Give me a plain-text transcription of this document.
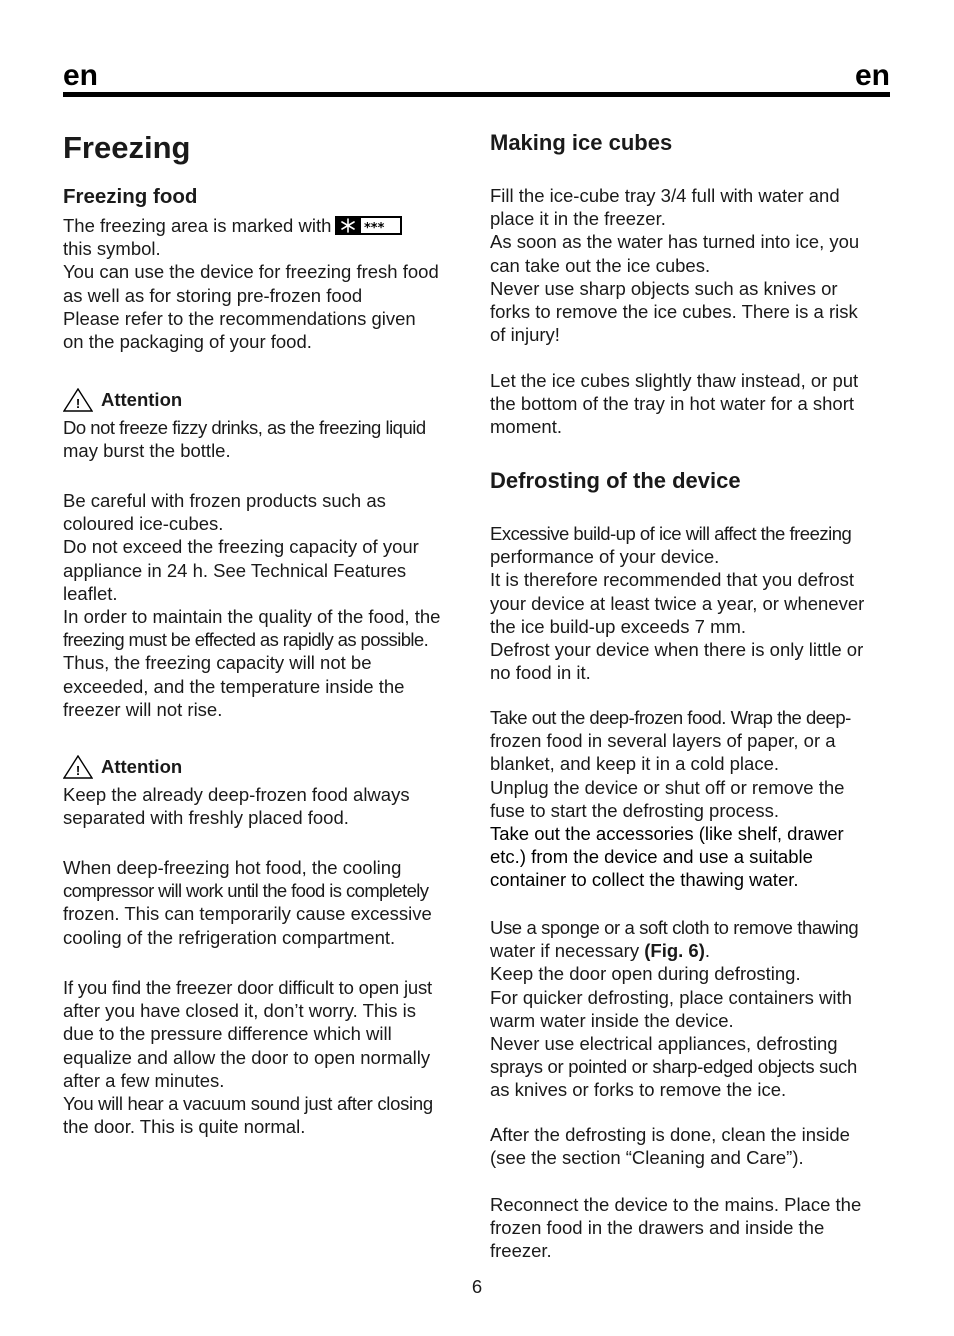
en	en
Freezing
Freezing food
The freezing area is marked with	***
this symbol.
You can use the device for freezing fresh food
as well as for storing pre-frozen food
Please refer to the recommendations given
on the packaging of your food.
! Attention
Do not freeze fizzy drinks, as the freezing liquid
may burst the bottle.
Be careful with frozen products such as
coloured ice-cubes.
Do not exceed the freezing capacity of your
appliance in 24 h. See Technical Features
leaflet.
In order to maintain the quality of the food, the
freezing must be effected as rapidly as possible.
Thus, the freezing capacity will not be
exceeded, and the temperature inside the
freezer will not rise.
! Attention
Keep the already deep-frozen food always
separated with freshly placed food.
When deep-freezing hot food, the cooling
compressor will work until the food is completely
frozen. This can temporarily cause excessive
cooling of the refrigeration compartment.
If you find the freezer door difficult to open just
after you have closed it, don’t worry. This is
due to the pressure difference which will
equalize and allow the door to open normally
after a few minutes.
You will hear a vacuum sound just after closing
the door. This is quite normal.
Making ice cubes
Fill the ice-cube tray 3/4 full with water and
place it in the freezer.
As soon as the water has turned into ice, you
can take out the ice cubes.
Never use sharp objects such as knives or
forks to remove the ice cubes. There is a risk
of injury!
Let the ice cubes slightly thaw instead, or put
the bottom of the tray in hot water for a short
moment.
Defrosting of the device
Excessive build-up of ice will affect the freezing
performance of your device.
It is therefore recommended that you defrost
your device at least twice a year, or whenever
the ice build-up exceeds 7 mm.
Defrost your device when there is only little or
no food in it.
Take out the deep-frozen food. Wrap the deep-
frozen food in several layers of paper, or a
blanket, and keep it in a cold place.
Unplug the device or shut off or remove the
fuse to start the defrosting process.
Take out the accessories (like shelf, drawer
etc.) from the device and use a suitable
container to collect the thawing water.
Use a sponge or a soft cloth to remove thawing
water if necessary (Fig. 6).
Keep the door open during defrosting.
For quicker defrosting, place containers with
warm water inside the device.
Never use electrical appliances, defrosting
sprays or pointed or sharp-edged objects such
as knives or forks to remove the ice.
After the defrosting is done, clean the inside
(see the section “Cleaning and Care”).
Reconnect the device to the mains. Place the
frozen food in the drawers and inside the
freezer.
6
